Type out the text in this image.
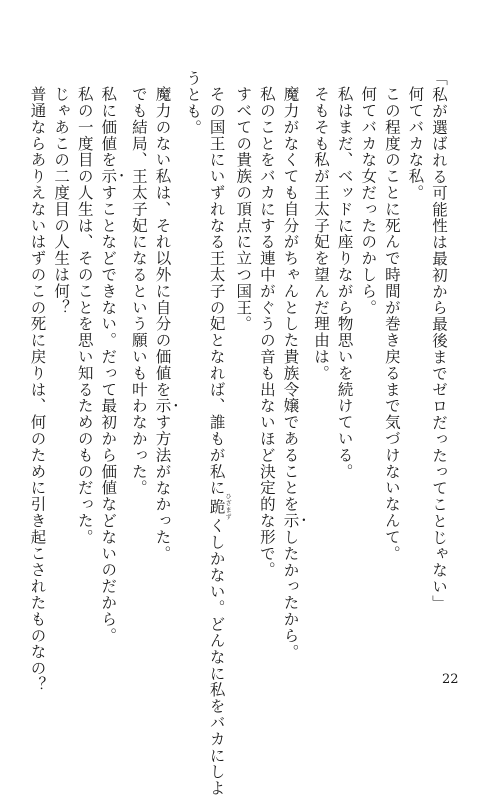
「私が選ばれる可能性は最初から最後までゼロだったってことじゃない」
何てバカな私。
この程度のことに死んで時間が巻き戻るまで気づけないなんて。
何てバカな女だったのかしら。
私はまだ、ベッドに座りながら物思いを続けている。
そもそも私が王太子妃を望んだ理由は。
魔力がなくても自分がちゃんとした貴族令嬢であることを示したかったから。
私のことをバカにする連中がぐうの音も出ないほど決定的な形で。
すべての貴族の頂点に立つ国王。
その国王にいずれなる王太子の妃となれば、誰もが私に跪ひざまずくしかない。どんなに私をバカにしよ
うとも。
魔力のない私は、それ以外に自分の価値を示す方法がなかった。
でも結局、王太子妃になるという願いも叶わなかった。
私に価値を示すことなどできない。だって最初から価値などないのだから。
私の一度目の人生は、そのことを思い知るためのものだった。
じゃあこの二度目の人生は何？
普通ならありえないはずのこの死に戻りは、何のために引き起こされたものなの？	22
